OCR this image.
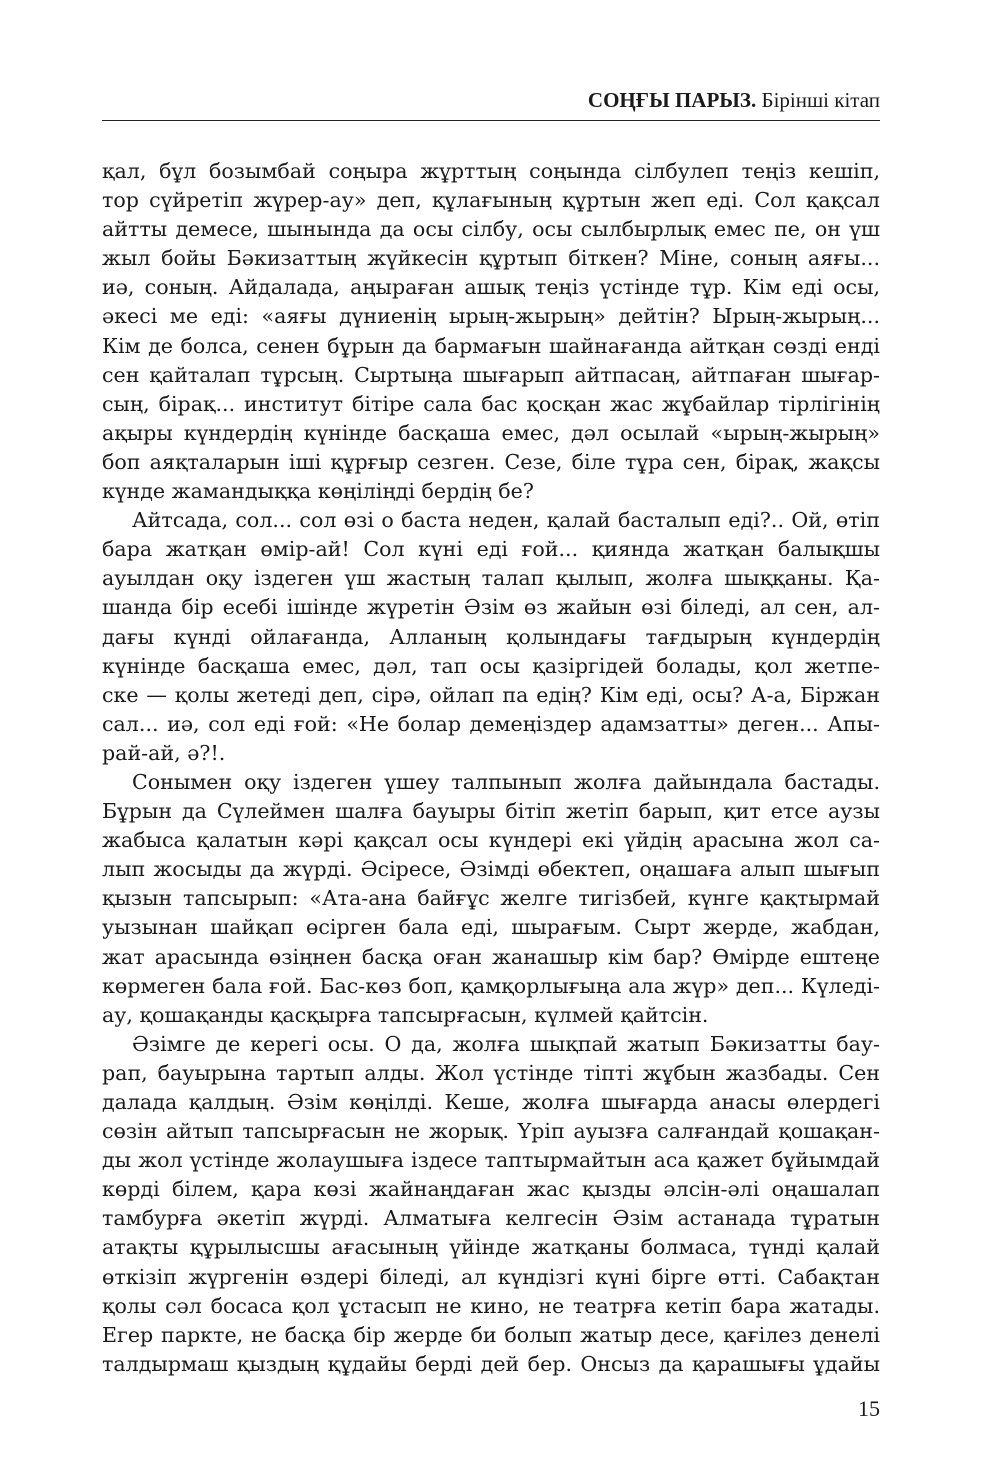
СОҢҒЫ ПАРЫЗ. Бірінші кітап
қал, бұл бозымбай соңыра жұрттың соңында сілбулеп теңіз кешіп,
тор сүйретіп жүрер-ау» деп, құлағының құртын жеп еді. Сол қақсал
айтты демесе, шынында да осы сілбу, осы сылбырлық емес пе, он үш
жыл бойы Бәкизаттың жүйкесін құртып біткен? Міне, соның аяғы...
иә, соның. Айдалада, аңыраған ашық теңіз үстінде тұр. Кім еді осы,
әкесі ме еді: «аяғы дүниенің ырың-жырың» дейтін? Ырың-жырың...
Кім де болса, сенен бұрын да бармағын шайнағанда айтқан сөзді енді
сен қайталап тұрсың. Сыртыңа шығарып айтпасаң, айтпаған шығар-
сың, бірақ... институт бітіре сала бас қосқан жас жұбайлар тірлігінің
ақыры күндердің күнінде басқаша емес, дәл осылай «ырың-жырың»
боп аяқталарын іші құрғыр сезген. Сезе, біле тұра сен, бірақ, жақсы
күнде жамандыққа көңіліңді бердің бе?
Айтсада, сол... сол өзі о баста неден, қалай басталып еді?.. Ой, өтіп
бара жатқан өмір-ай! Сол күні еді ғой... қиянда жатқан балықшы
ауылдан оқу іздеген үш жастың талап қылып, жолға шыққаны. Қа-
шанда бір есебі ішінде жүретін Әзім өз жайын өзі біледі, ал сен, ал-
дағы күнді ойлағанда, Алланың қолындағы тағдырың күндердің
күнінде басқаша емес, дәл, тап осы қазіргідей болады, қол жетпе-
ске — қолы жетеді деп, сірә, ойлап па едің? Кім еді, осы? А-а, Біржан
сал... иә, сол еді ғой: «Не болар демеңіздер адамзатты» деген... Апы-
рай-ай, ә?!.
Сонымен оқу іздеген үшеу талпынып жолға дайындала бастады.
Бұрын да Сүлеймен шалға бауыры бітіп жетіп барып, қит етсе аузы
жабыса қалатын кәрі қақсал осы күндері екі үйдің арасына жол са-
лып жосыды да жүрді. Әсіресе, Әзімді өбектеп, оңашаға алып шығып
қызын тапсырып: «Ата-ана байғұс желге тигізбей, күнге қақтырмай
уызынан шайқап өсірген бала еді, шырағым. Сырт жерде, жабдан,
жат арасында өзіңнен басқа оған жанашыр кім бар? Өмірде ештеңе
көрмеген бала ғой. Бас-көз боп, қамқорлығыңа ала жүр» деп... Күледі-
ау, қошақанды қасқырға тапсырғасын, күлмей қайтсін.
Әзімге де керегі осы. О да, жолға шықпай жатып Бәкизатты бау-
рап, бауырына тартып алды. Жол үстінде тіпті жұбын жазбады. Сен
далада қалдың. Әзім көңілді. Кеше, жолға шығарда анасы өлердегі
сөзін айтып тапсырғасын не жорық. Үріп ауызға салғандай қошақан-
ды жол үстінде жолаушыға іздесе таптырмайтын аса қажет бұйымдай
көрді білем, қара көзі жайнаңдаған жас қызды әлсін-әлі оңашалап
тамбурға әкетіп жүрді. Алматыға келгесін Әзім астанада тұратын
атақты құрылысшы ағасының үйінде жатқаны болмаса, түнді қалай
өткізіп жүргенін өздері біледі, ал күндізгі күні бірге өтті. Сабақтан
қолы сәл босаса қол ұстасып не кино, не театрға кетіп бара жатады.
Егер паркте, не басқа бір жерде би болып жатыр десе, қағілез денелі
талдырмаш қыздың құдайы берді дей бер. Онсыз да қарашығы ұдайы
15
